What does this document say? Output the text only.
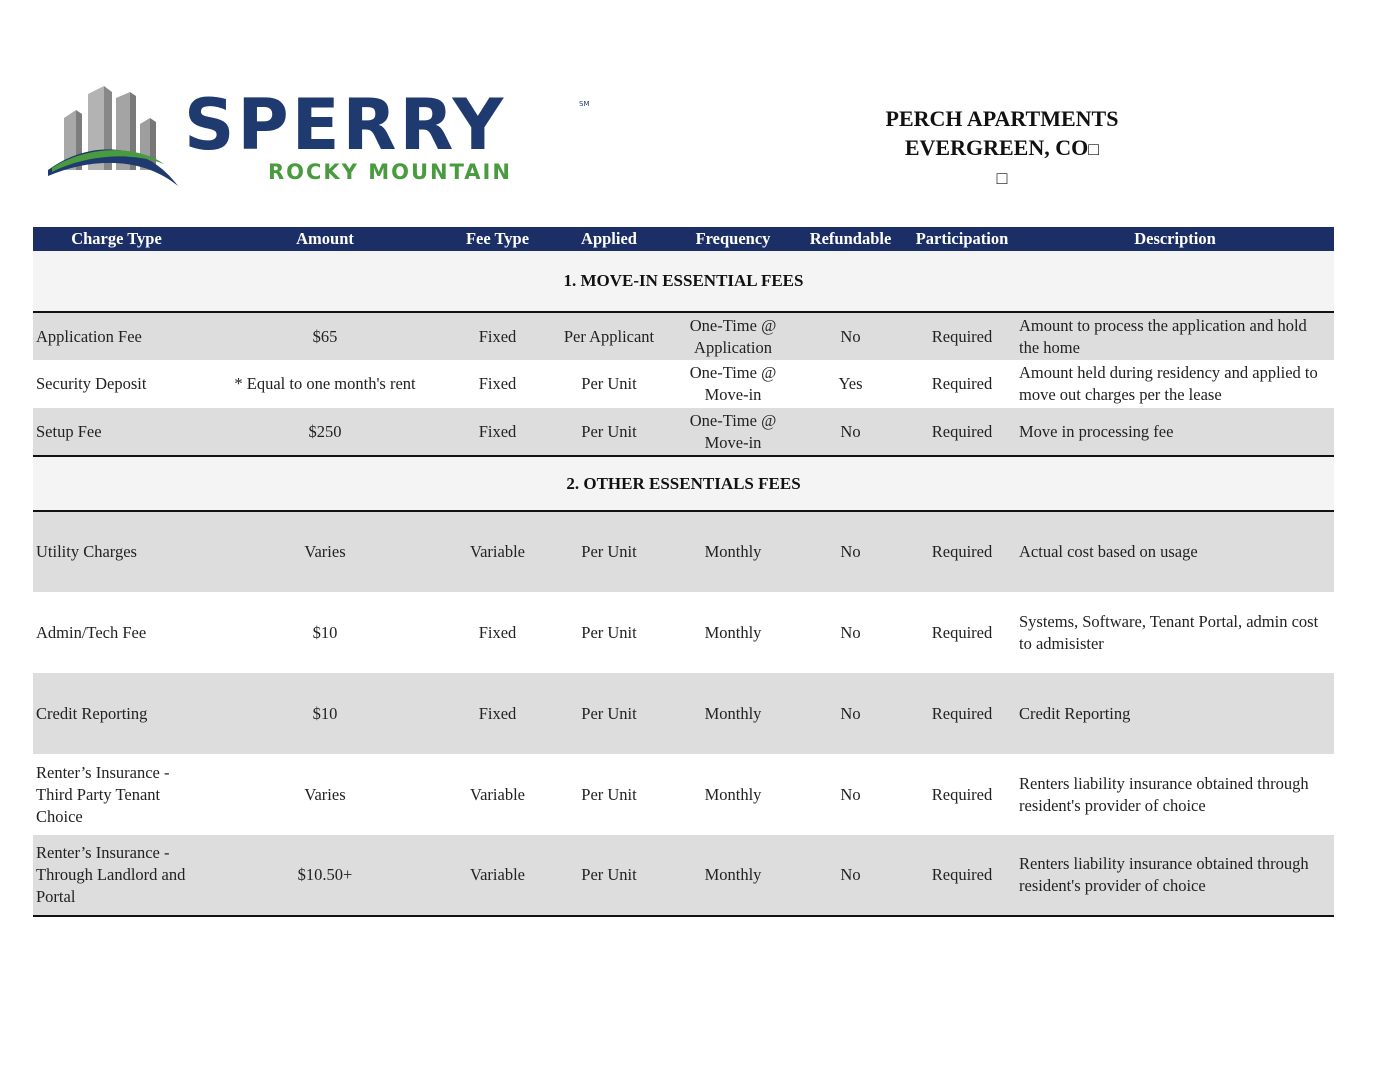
SPERRY	SM
ROCKY MOUNTAIN
PERCH APARTMENTS
EVERGREEN, CO□
□
Charge Type	Amount	Fee Type	Applied	Frequency	Refundable	Participation	Description
1. MOVE-IN ESSENTIAL FEES							
Application Fee	$65	Fixed	Per Applicant	One-Time @ Application	No	Required	Amount to process the application and hold the home
Security Deposit	* Equal to one month's rent	Fixed	Per Unit	One-Time @ Move-in	Yes	Required	Amount held during residency and applied to move out charges per the lease
Setup Fee	$250	Fixed	Per Unit	One-Time @ Move-in	No	Required	Move in processing fee
2. OTHER ESSENTIALS FEES							
Utility Charges	Varies	Variable	Per Unit	Monthly	No	Required	Actual cost based on usage
Admin/Tech Fee	$10	Fixed	Per Unit	Monthly	No	Required	Systems, Software, Tenant Portal, admin cost to admisister
Credit Reporting	$10	Fixed	Per Unit	Monthly	No	Required	Credit Reporting
Renter’s Insurance - Third Party Tenant Choice	Varies	Variable	Per Unit	Monthly	No	Required	Renters liability insurance obtained through resident's provider of choice
Renter’s Insurance - Through Landlord and Portal	$10.50+	Variable	Per Unit	Monthly	No	Required	Renters liability insurance obtained through resident's provider of choice
